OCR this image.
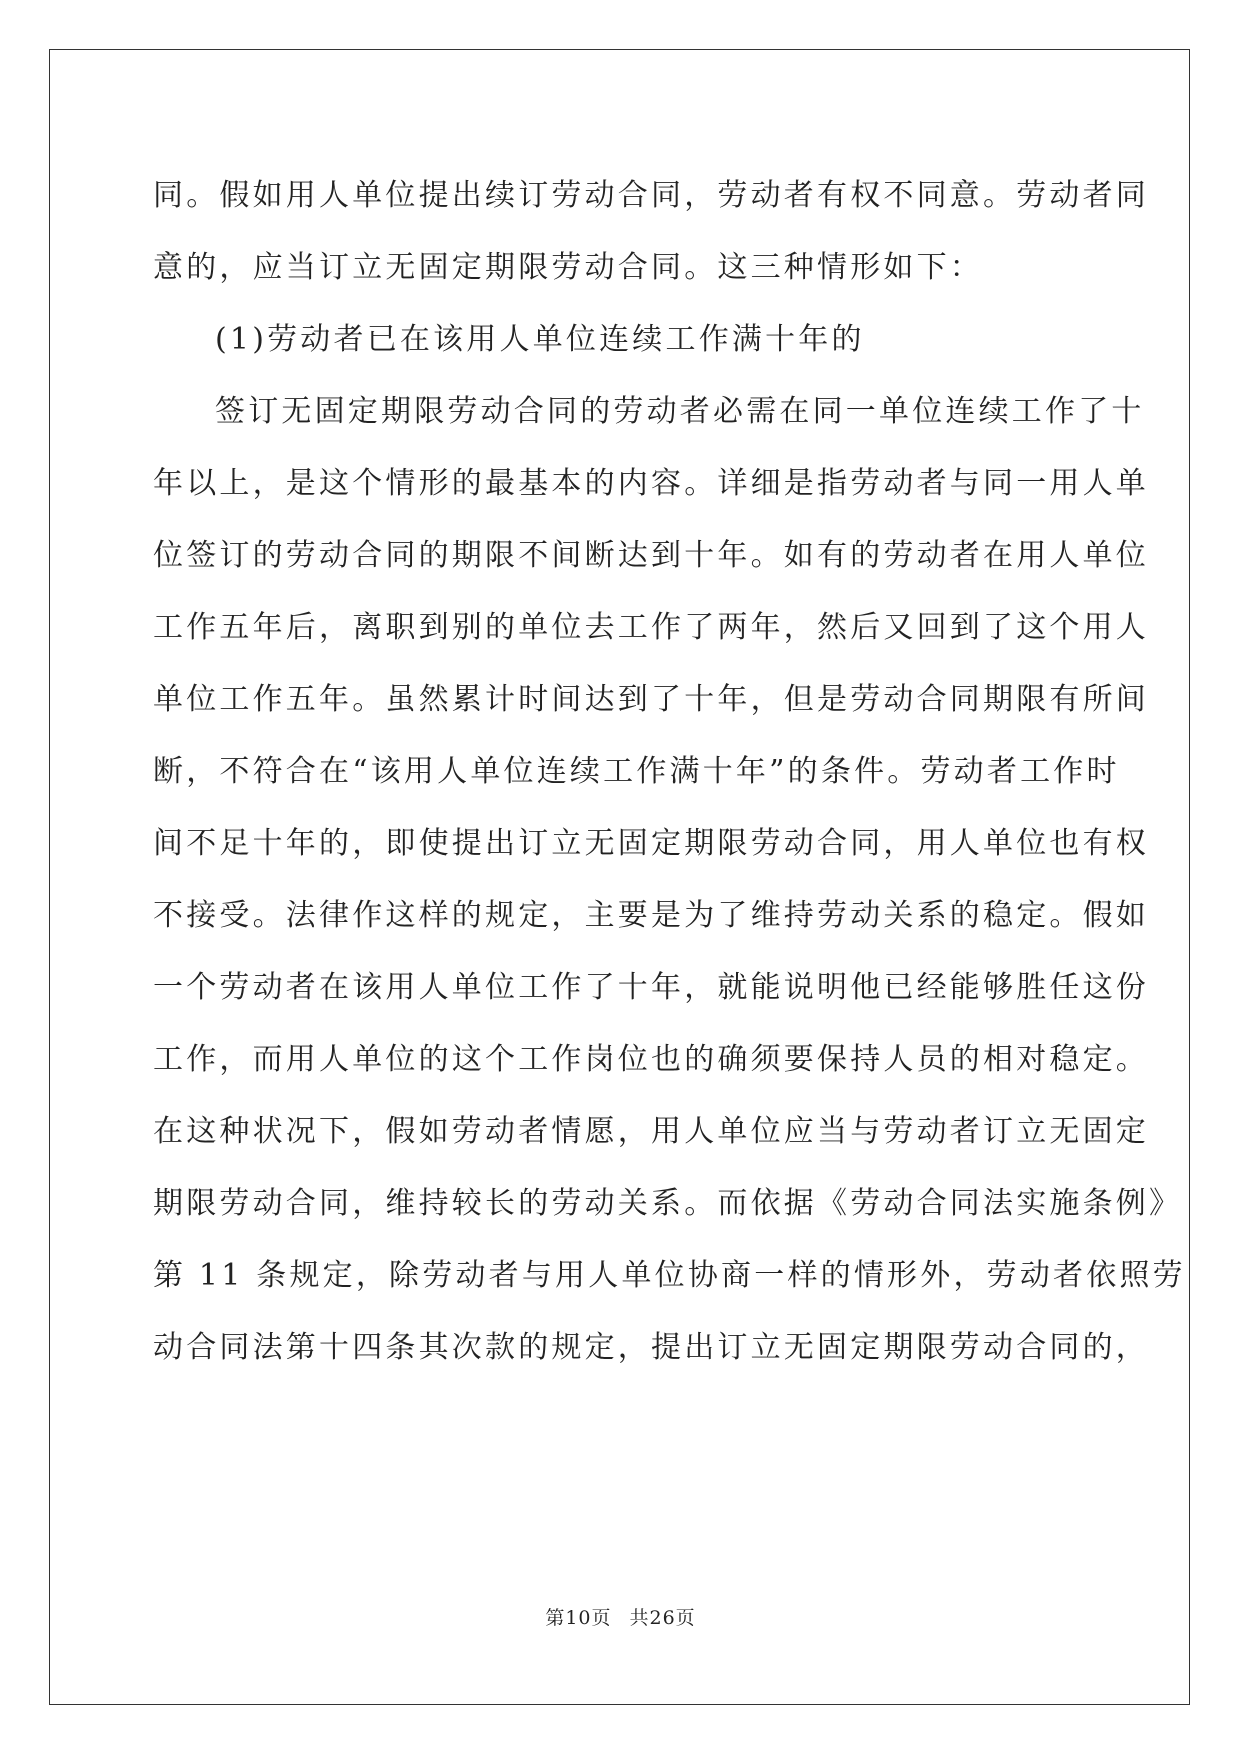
同。假如用人单位提出续订劳动合同，劳动者有权不同意。劳动者同
意的，应当订立无固定期限劳动合同。这三种情形如下：
(1)劳动者已在该用人单位连续工作满十年的
签订无固定期限劳动合同的劳动者必需在同一单位连续工作了十
年以上，是这个情形的最基本的内容。详细是指劳动者与同一用人单
位签订的劳动合同的期限不间断达到十年。如有的劳动者在用人单位
工作五年后，离职到别的单位去工作了两年，然后又回到了这个用人
单位工作五年。虽然累计时间达到了十年，但是劳动合同期限有所间
断，不符合在“该用人单位连续工作满十年”的条件。劳动者工作时
间不足十年的，即使提出订立无固定期限劳动合同，用人单位也有权
不接受。法律作这样的规定，主要是为了维持劳动关系的稳定。假如
一个劳动者在该用人单位工作了十年，就能说明他已经能够胜任这份
工作，而用人单位的这个工作岗位也的确须要保持人员的相对稳定。
在这种状况下，假如劳动者情愿，用人单位应当与劳动者订立无固定
期限劳动合同，维持较长的劳动关系。而依据《劳动合同法实施条例》
第 11 条规定，除劳动者与用人单位协商一样的情形外，劳动者依照劳
动合同法第十四条其次款的规定，提出订立无固定期限劳动合同的，
第10页 共26页
